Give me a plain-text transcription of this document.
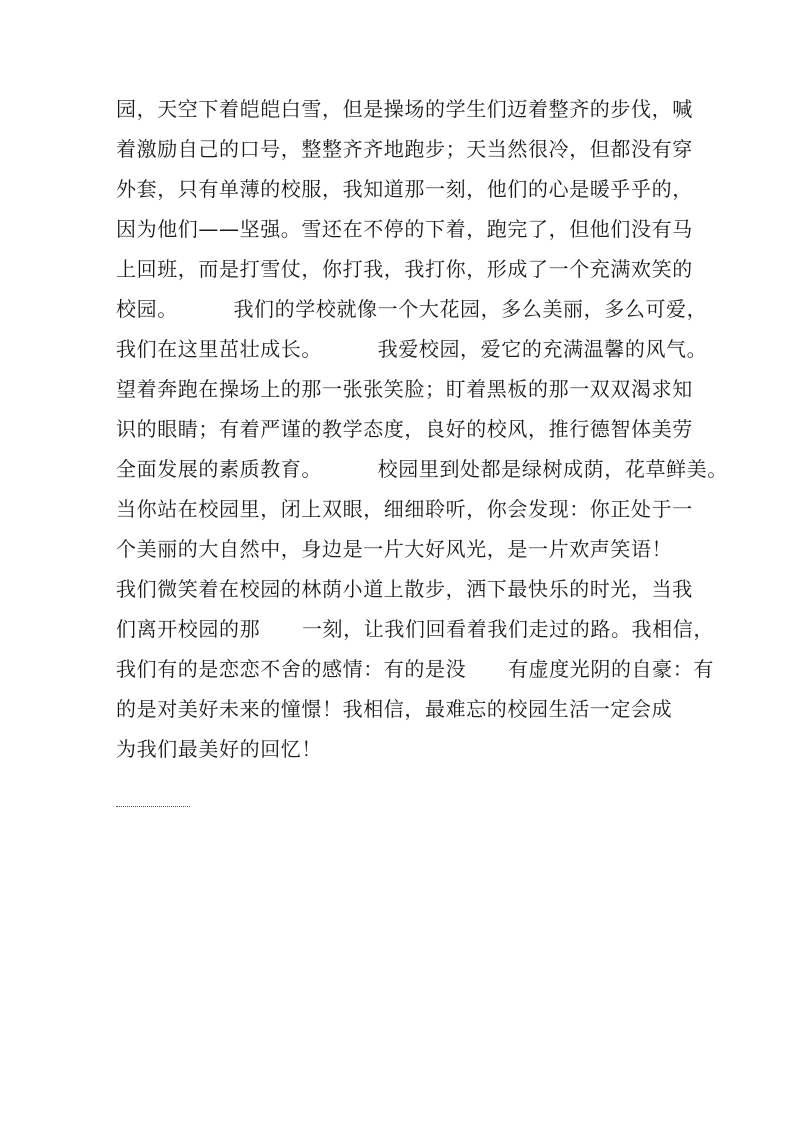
园，天空下着皑皑白雪，但是操场的学生们迈着整齐的步伐，喊

着激励自己的口号，整整齐齐地跑步；天当然很冷，但都没有穿

外套，只有单薄的校服，我知道那一刻，他们的心是暖乎乎的，

因为他们——坚强。雪还在不停的下着，跑完了，但他们没有马

上回班，而是打雪仗，你打我，我打你，形成了一个充满欢笑的

校园。        我们的学校就像一个大花园，多么美丽，多么可爱，

我们在这里茁壮成长。        我爱校园，爱它的充满温馨的风气。

望着奔跑在操场上的那一张张笑脸；盯着黑板的那一双双渴求知

识的眼睛；有着严谨的教学态度，良好的校风，推行德智体美劳

全面发展的素质教育。        校园里到处都是绿树成荫，花草鲜美。

当你站在校园里，闭上双眼，细细聆听，你会发现：你正处于一

个美丽的大自然中，身边是一片大好风光，是一片欢声笑语！

我们微笑着在校园的林荫小道上散步，洒下最快乐的时光，当我

们离开校园的那      一刻，让我们回看着我们走过的路。我相信，

我们有的是恋恋不舍的感情：有的是没      有虚度光阴的自豪：有

的是对美好未来的憧憬！我相信，最难忘的校园生活一定会成

为我们最美好的回忆！
